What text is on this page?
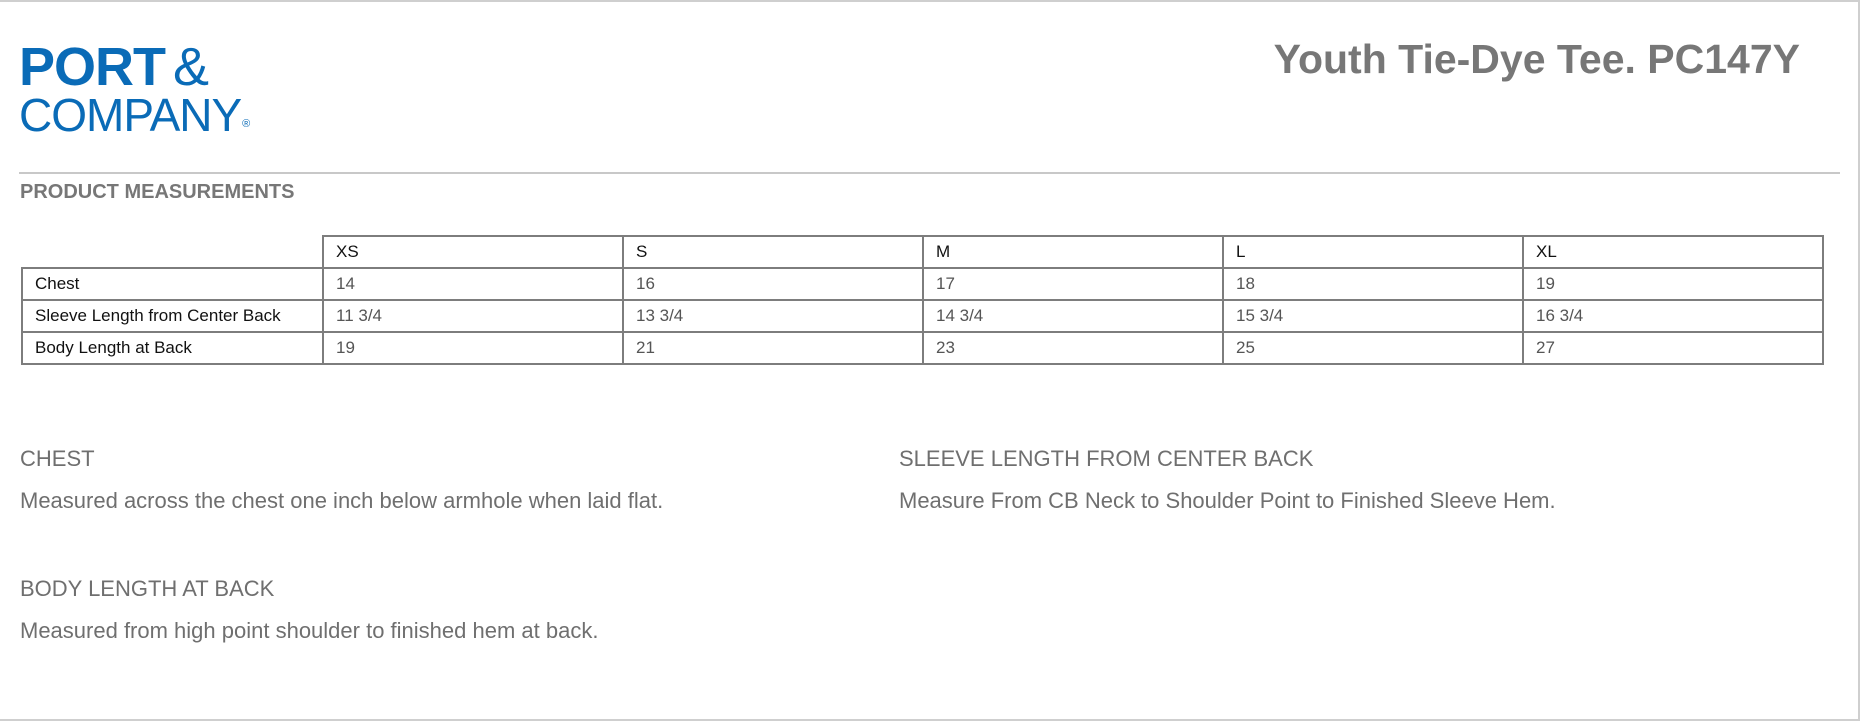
PORT &
COMPANY®
Youth Tie-Dye Tee. PC147Y
PRODUCT MEASUREMENTS
	XS	S	M	L	XL
Chest	14	16	17	18	19
Sleeve Length from Center Back	11 3/4	13 3/4	14 3/4	15 3/4	16 3/4
Body Length at Back	19	21	23	25	27

CHEST

Measured across the chest one inch below armhole when laid flat.

SLEEVE LENGTH FROM CENTER BACK

Measure From CB Neck to Shoulder Point to Finished Sleeve Hem.

BODY LENGTH AT BACK

Measured from high point shoulder to finished hem at back.
